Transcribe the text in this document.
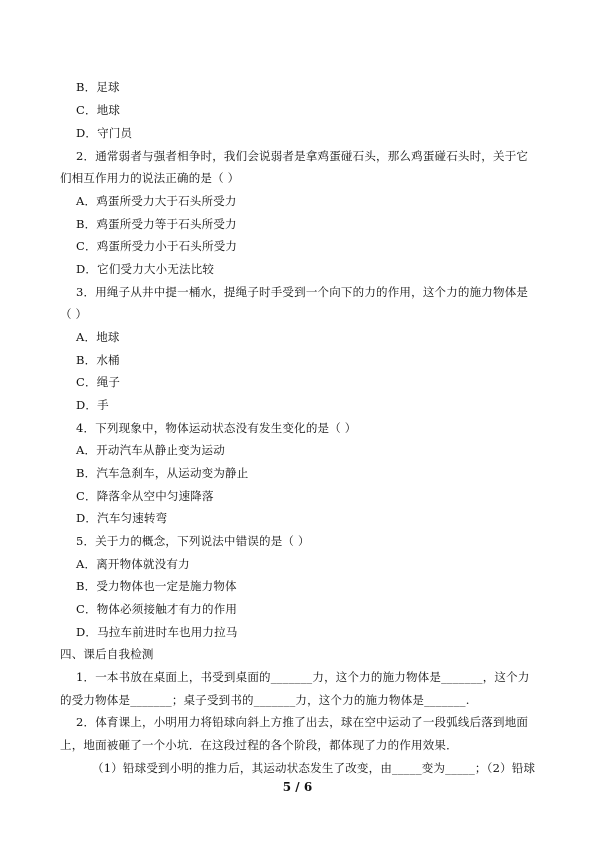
B．足球
C．地球
D．守门员
2．通常弱者与强者相争时，我们会说弱者是拿鸡蛋碰石头，那么鸡蛋碰石头时，关于它
们相互作用力的说法正确的是（ ）
A．鸡蛋所受力大于石头所受力
B．鸡蛋所受力等于石头所受力
C．鸡蛋所受力小于石头所受力
D．它们受力大小无法比较
3．用绳子从井中提一桶水，提绳子时手受到一个向下的力的作用，这个力的施力物体是
（ ）
A．地球
B．水桶
C．绳子
D．手
4．下列现象中，物体运动状态没有发生变化的是（ ）
A．开动汽车从静止变为运动
B．汽车急刹车，从运动变为静止
C．降落伞从空中匀速降落
D．汽车匀速转弯
5．关于力的概念，下列说法中错误的是（ ）
A．离开物体就没有力
B．受力物体也一定是施力物体
C．物体必须接触才有力的作用
D．马拉车前进时车也用力拉马
四、课后自我检测
1．一本书放在桌面上，书受到桌面的_______力，这个力的施力物体是_______，这个力
的受力物体是_______；桌子受到书的_______力，这个力的施力物体是_______.
2．体育课上，小明用力将铅球向斜上方推了出去，球在空中运动了一段弧线后落到地面
上，地面被砸了一个小坑．在这段过程的各个阶段，都体现了力的作用效果．
（1）铅球受到小明的推力后，其运动状态发生了改变，由_____变为_____；（2）铅球
5 / 6
